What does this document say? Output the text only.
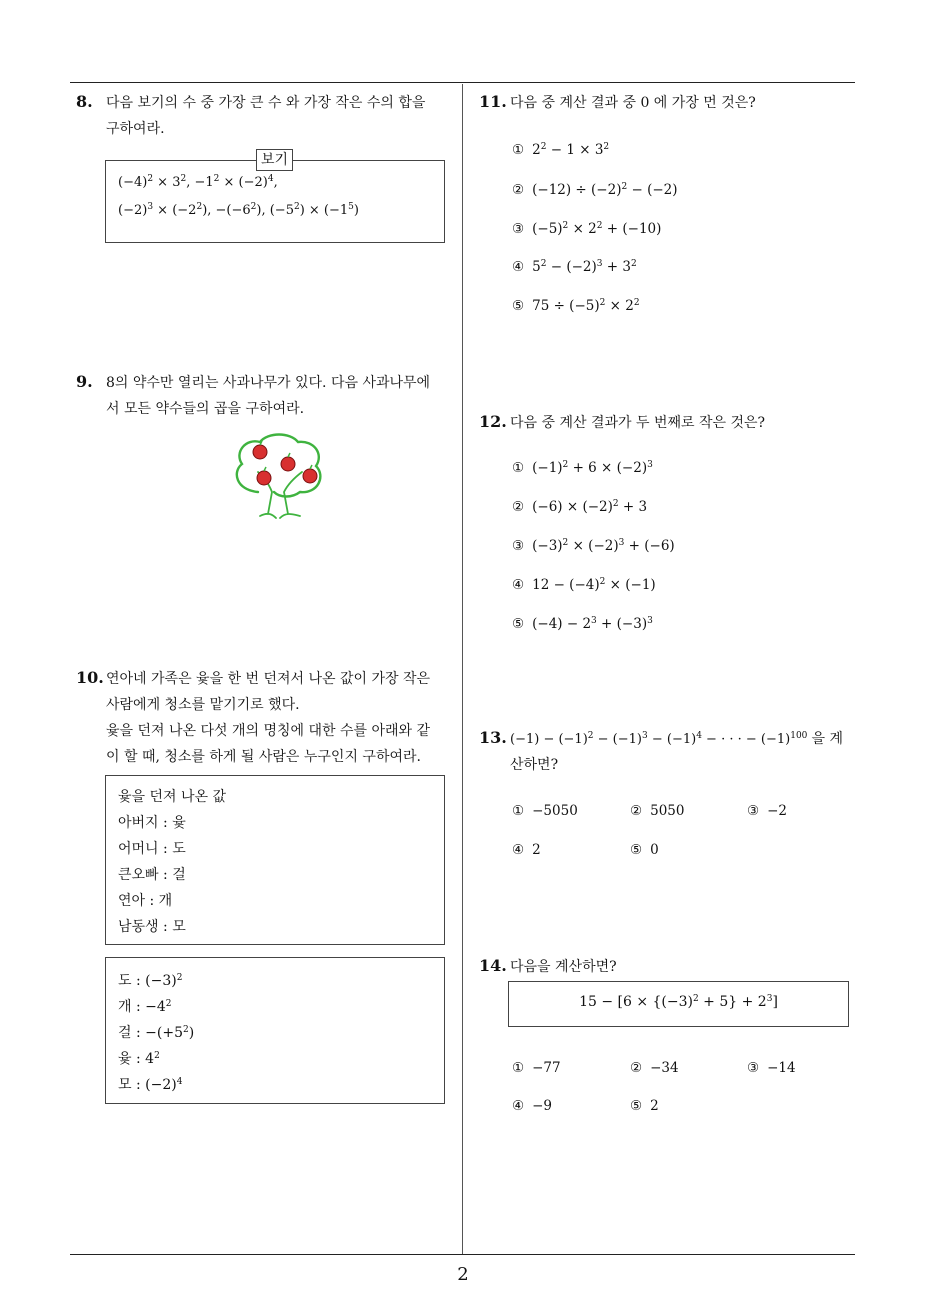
2
8. 다음 보기의 수 중 가장 큰 수 와 가장 작은 수의 합을
구하여라.
보기
$(-4)^2 \times 3^2$, $-1^2 \times (-2)^4$,
$(-2)^3 \times (-2^2)$, $-(-6^2)$, $(-5^2) \times (-1^5)$
9. 8의 약수만 열리는 사과나무가 있다. 다음 사과나무에
서 모든 약수들의 곱을 구하여라.
10. 연아네 가족은 윷을 한 번 던져서 나온 값이 가장 작은
사람에게 청소를 맡기기로 했다.
윷을 던져 나온 다섯 개의 명칭에 대한 수를 아래와 같
이 할 때, 청소를 하게 될 사람은 누구인지 구하여라.
윷을 던져 나온 값
아버지 : 윷
어머니 : 도
큰오빠 : 걸
연아 : 개
남동생 : 모
도 : $(-3)^2$
개 : $-4^2$
걸 : $-(+5^2)$
윷 : $4^2$
모 : $(-2)^4$
11. 다음 중 계산 결과 중 0 에 가장 먼 것은?
① $2^2 - 1 \times 3^2$
② $(-12) \div (-2)^2 - (-2)$
③ $(-5)^2 \times 2^2 + (-10)$
④ $5^2 - (-2)^3 + 3^2$
⑤ $75 \div (-5)^2 \times 2^2$
12. 다음 중 계산 결과가 두 번째로 작은 것은?
① $(-1)^2 + 6 \times (-2)^3$
② $(-6) \times (-2)^2 + 3$
③ $(-3)^2 \times (-2)^3 + (-6)$
④ $12 - (-4)^2 \times (-1)$
⑤ $(-4) - 2^3 + (-3)^3$
13. $(-1) - (-1)^2 - (-1)^3 - (-1)^4$ − · · · − $(-1)^{100}$ 을 계
산하면?
① −5050	② 5050	③ −2
④ 2	⑤ 0
14. 다음을 계산하면?
$15 - [6 \times \{(-3)^2 + 5\} + 2^3]$
① −77	② −34	③ −14
④ −9	⑤ 2
